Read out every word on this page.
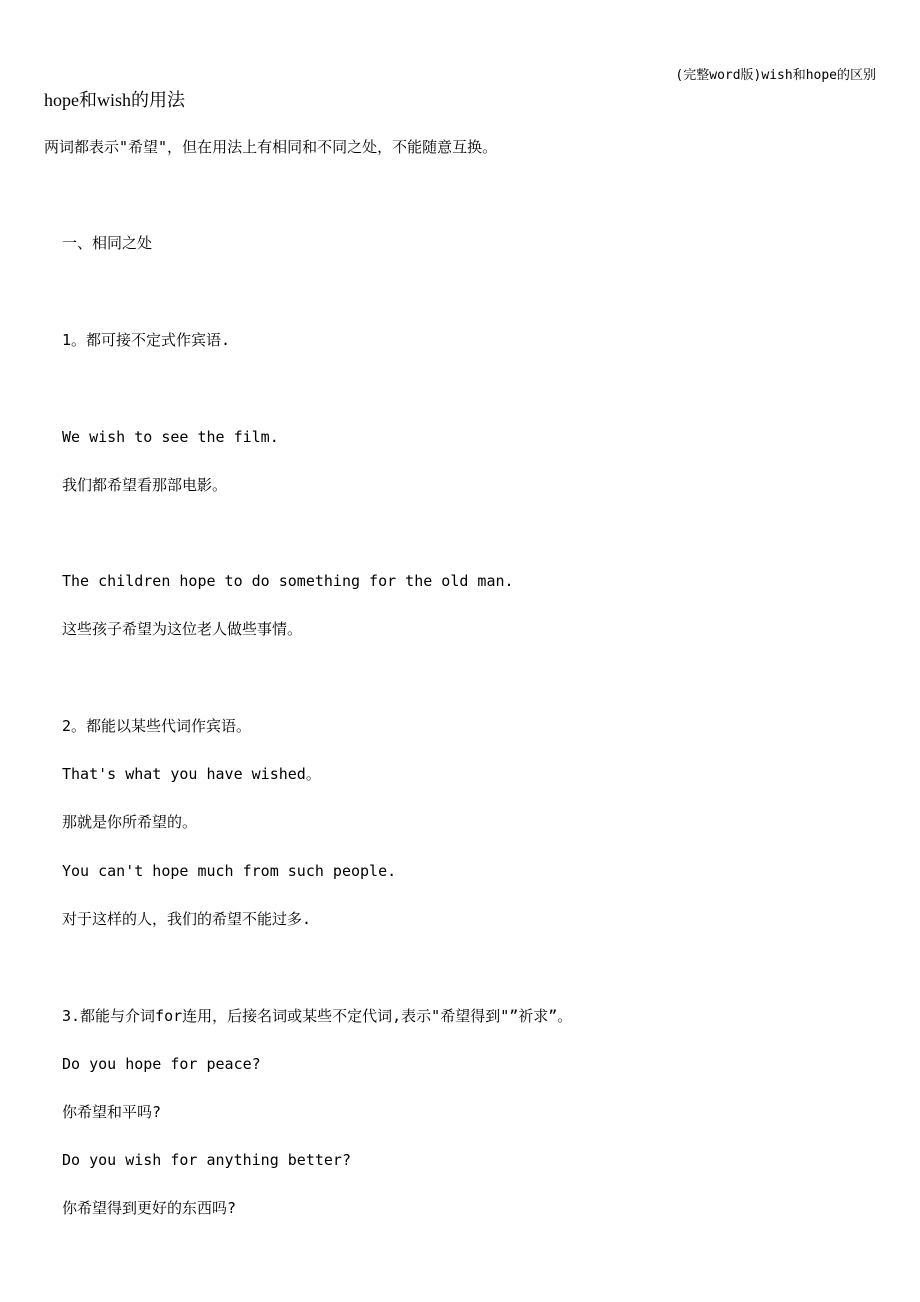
(完整word版)wish和hope的区别
hope和wish的用法
两词都表示"希望"，但在用法上有相同和不同之处，不能随意互换。
一、相同之处
1。都可接不定式作宾语.
We wish to see the film.
我们都希望看那部电影。
The children hope to do something for the old man.
这些孩子希望为这位老人做些事情。
2。都能以某些代词作宾语。
That's what you have wished。
那就是你所希望的。
You can't hope much from such people.
对于这样的人，我们的希望不能过多.
3.都能与介词for连用，后接名词或某些不定代词,表示"希望得到"”祈求”。
Do you hope for peace?
你希望和平吗?
Do you wish for anything better?
你希望得到更好的东西吗?
